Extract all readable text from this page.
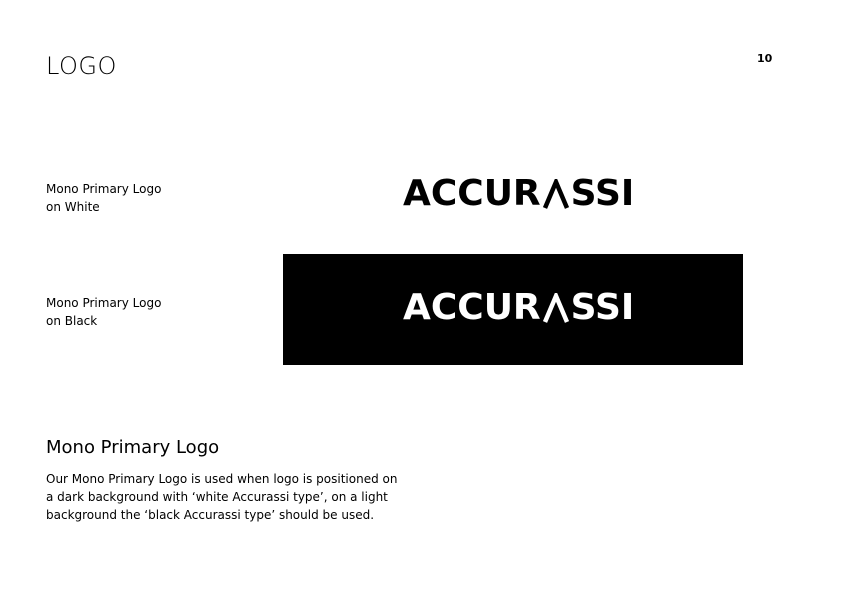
LOGO	10
Mono Primary Logo
on White	ACCUR SSI
Mono Primary Logo
on Black	ACCUR SSI
Mono Primary Logo
Our Mono Primary Logo is used when logo is positioned on
a dark background with ‘white Accurassi type’, on a light
background the ‘black Accurassi type’ should be used.
